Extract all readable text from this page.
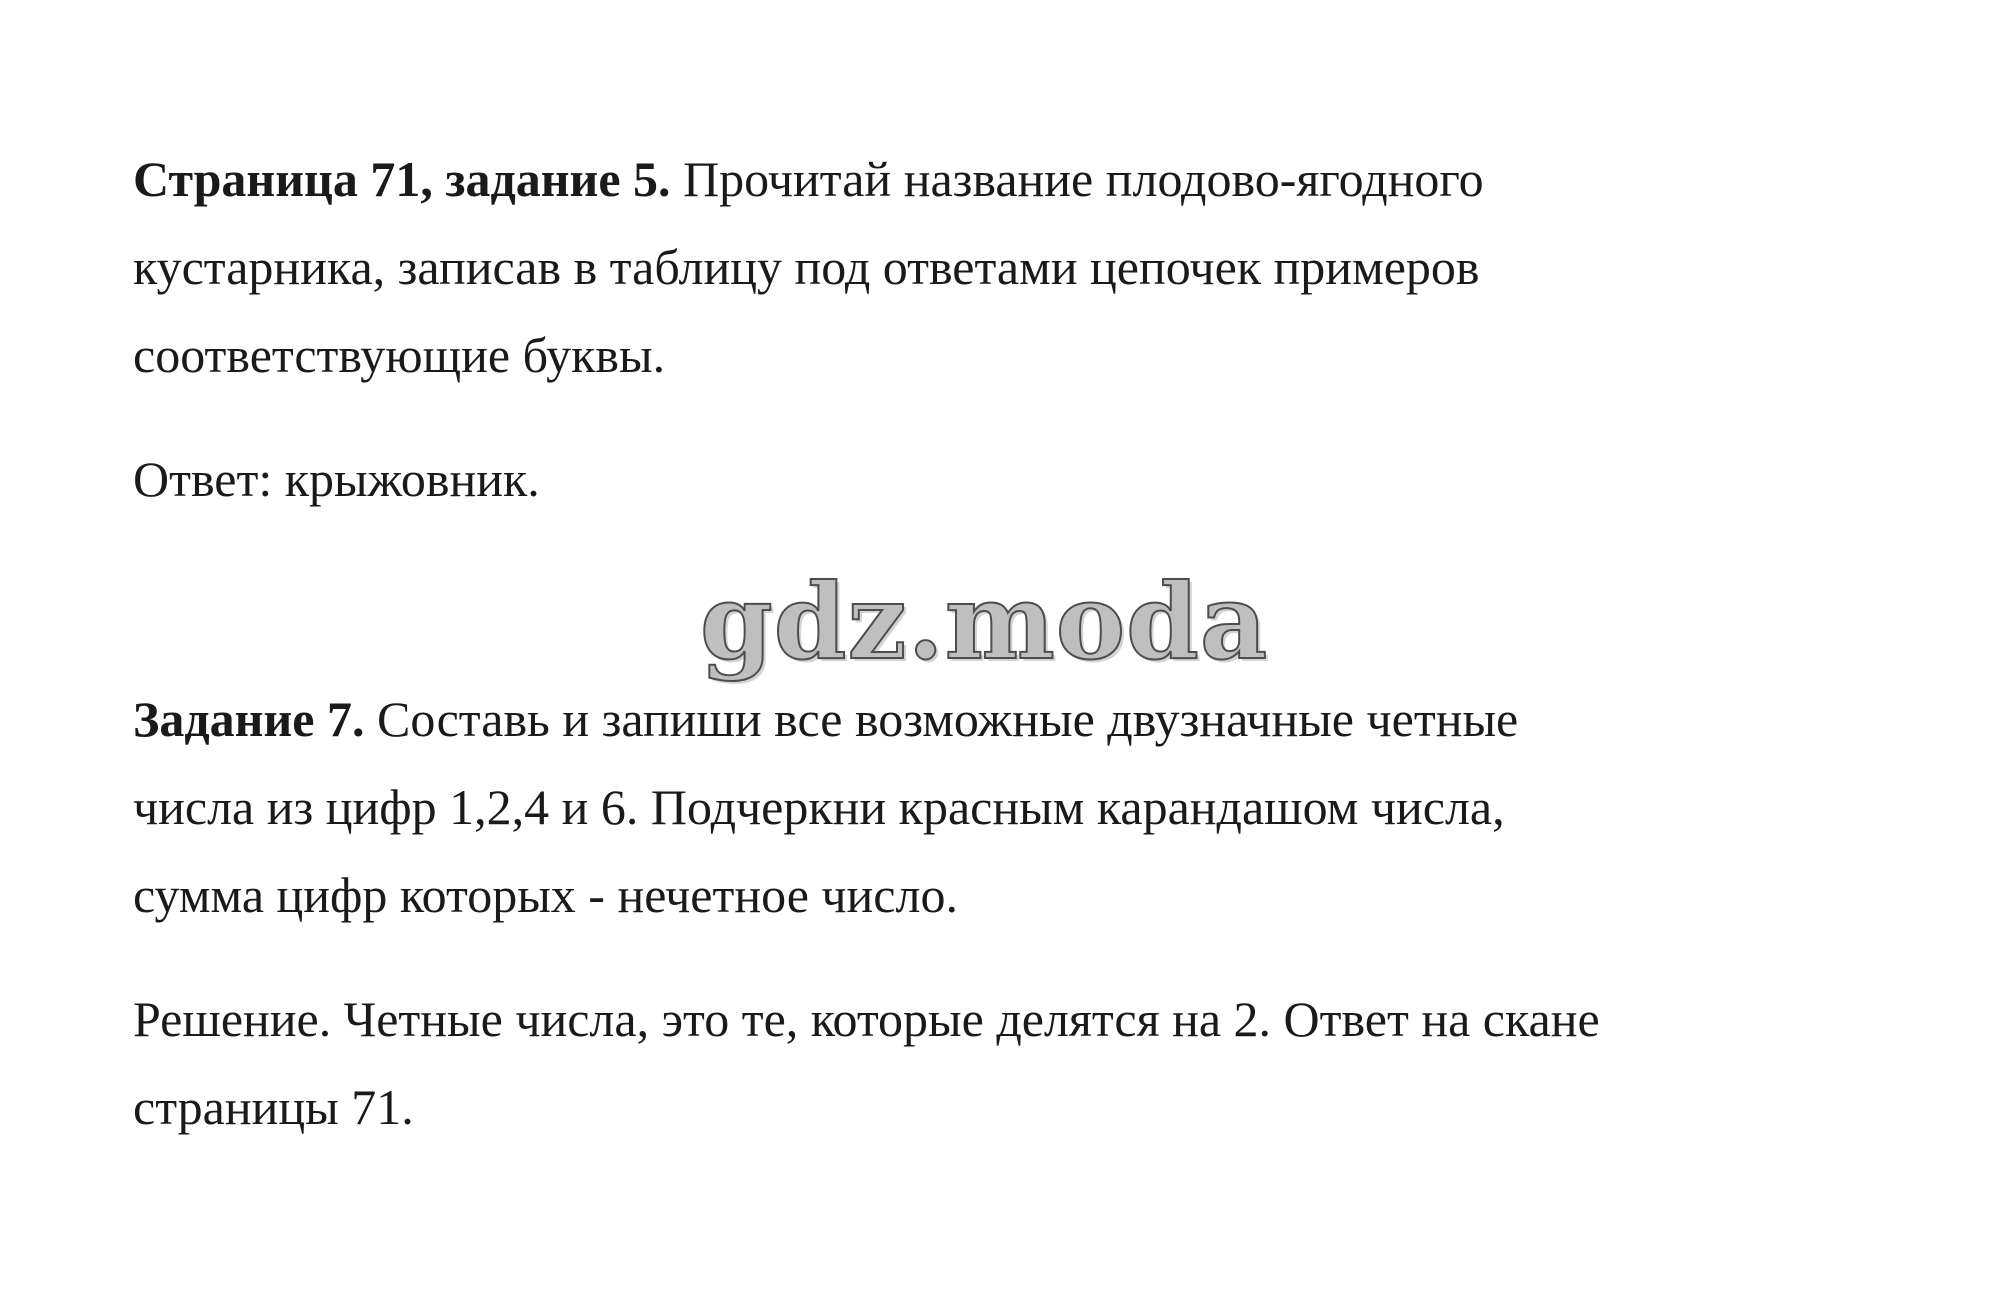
Страница 71, задание 5. Прочитай название плодово-ягодного
кустарника, записав в таблицу под ответами цепочек примеров
соответствующие буквы.
Ответ: крыжовник.
gdz.moda
Задание 7. Составь и запиши все возможные двузначные четные
числа из цифр 1,2,4 и 6. Подчеркни красным карандашом числа,
сумма цифр которых - нечетное число.
Решение. Четные числа, это те, которые делятся на 2. Ответ на скане
страницы 71.
